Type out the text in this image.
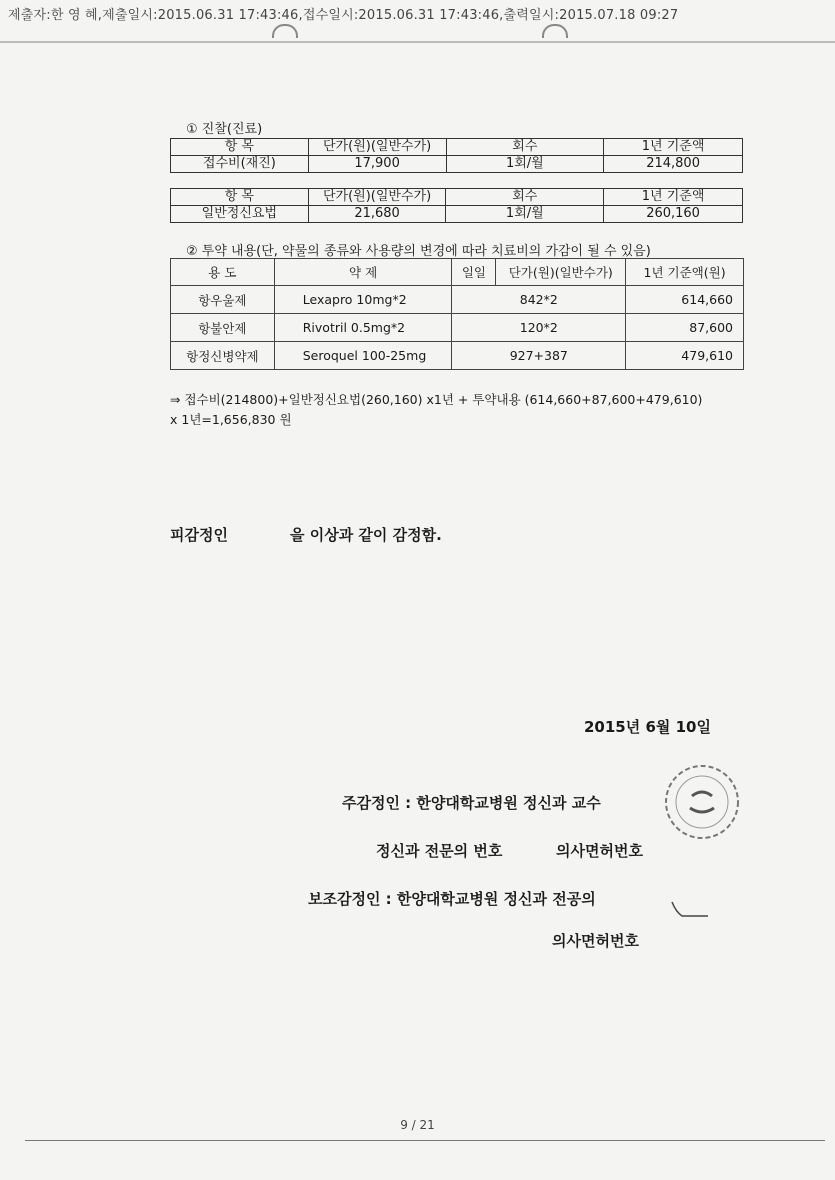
제출자:한 영 혜,제출일시:2015.06.31 17:43:46,접수일시:2015.06.31 17:43:46,출력일시:2015.07.18 09:27
① 진찰(진료)
항 목	단가(원)(일반수가)	회수	1년 기준액
접수비(재진)	17,900	1회/월	214,800
항 목	단가(원)(일반수가)	회수	1년 기준액
일반정신요법	21,680	1회/월	260,160
② 투약 내용(단, 약물의 종류와 사용량의 변경에 따라 치료비의 가감이 될 수 있음)
용 도	약 제	일일	단가(원)(일반수가)	1년 기준액(원)
항우울제	Lexapro 10mg*2	842*2		614,660
항불안제	Rivotril 0.5mg*2	120*2		87,600
항정신병약제	Seroquel 100-25mg	927+387		479,610
⇒ 접수비(214800)+일반정신요법(260,160) x1년 + 투약내용 (614,660+87,600+479,610)
x 1년=1,656,830 원
피감정인	을 이상과 같이 감정함.
2015년 6월 10일
주감정인 : 한양대학교병원 정신과 교수
정신과 전문의 번호	의사면허번호
보조감정인 : 한양대학교병원 정신과 전공의
의사면허번호
9 / 21
